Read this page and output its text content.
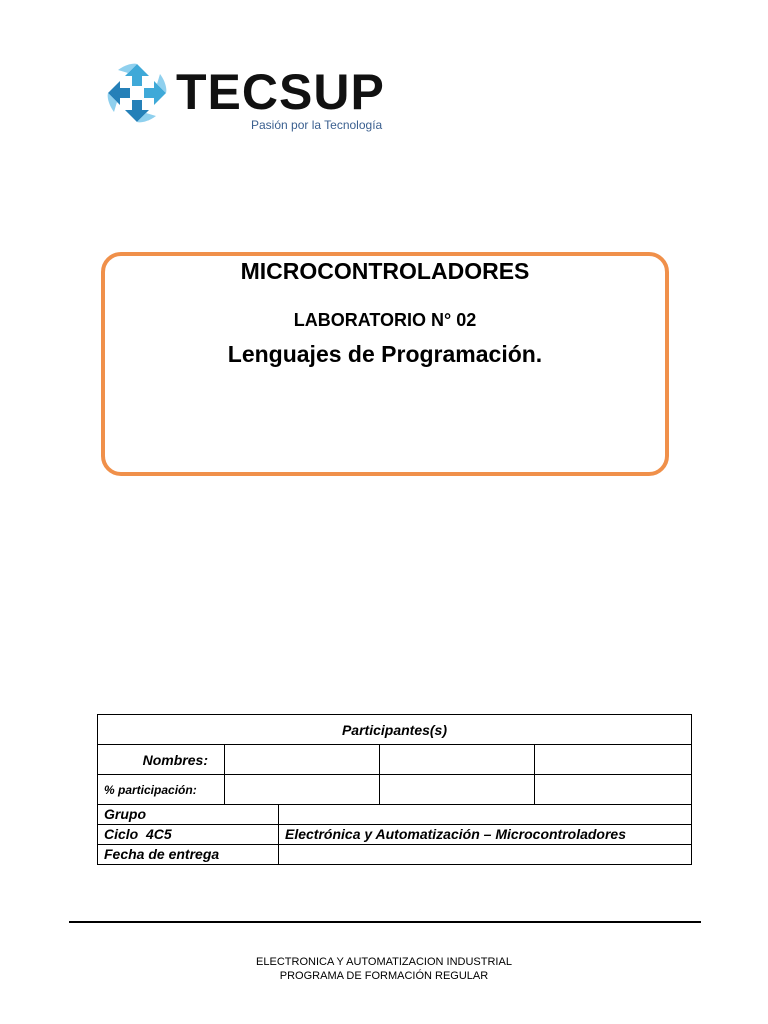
TECSUP
Pasión por la Tecnología
MICROCONTROLADORES
LABORATORIO N° 02
Lenguajes de Programación.
Participantes(s)				
Nombres:				
% participación:				
Grupo				
Ciclo  4C5		Electrónica y Automatización – Microcontroladores		
Fecha de entrega				
ELECTRONICA Y AUTOMATIZACION INDUSTRIAL
PROGRAMA DE FORMACIÓN REGULAR
